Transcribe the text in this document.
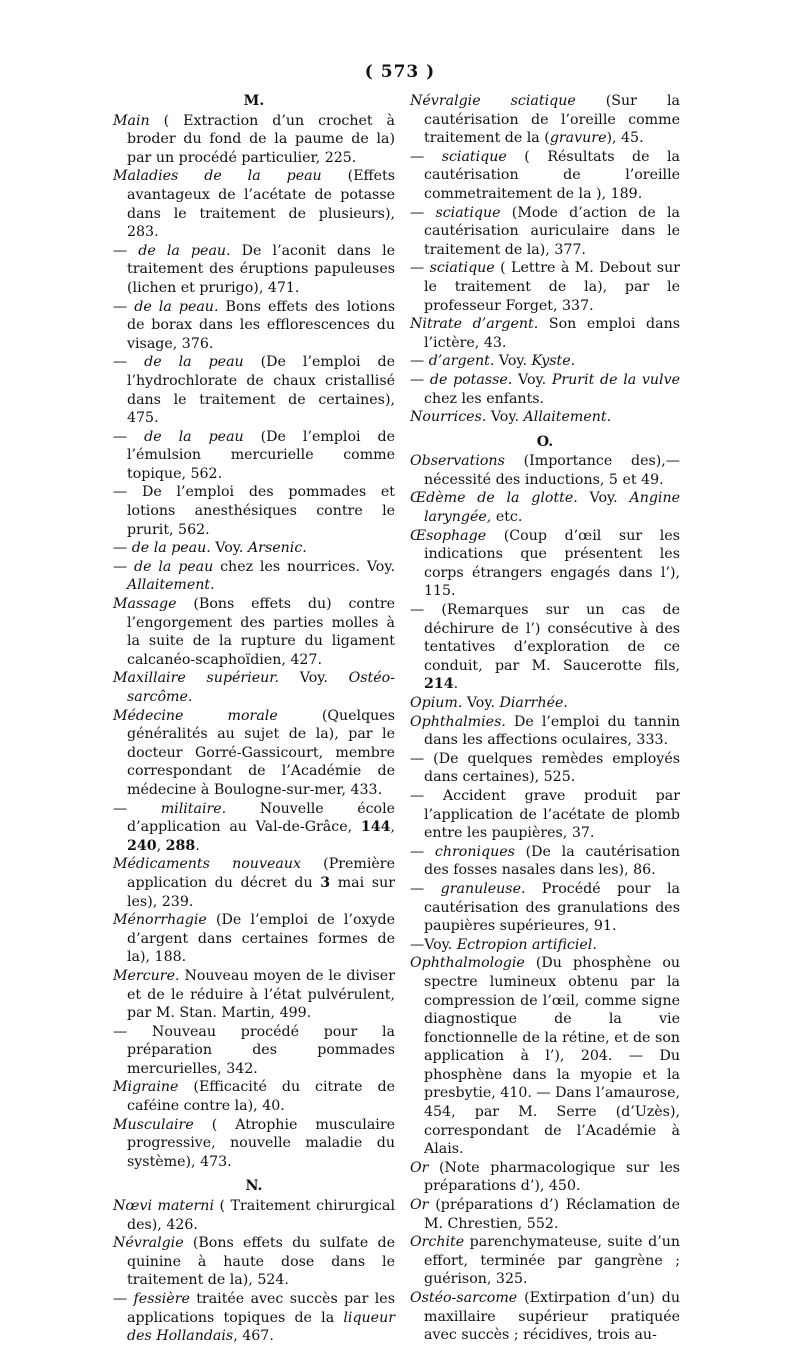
( 573 )
M.

Main ( Extraction d’un crochet à broder du fond de la paume de la) par un procédé particulier, 225.

Maladies de la peau (Effets avantageux de l’acétate de potasse dans le traitement de plusieurs), 283.

— de la peau. De l’aconit dans le traitement des éruptions papuleuses (lichen et prurigo), 471.

— de la peau. Bons effets des lotions de borax dans les efflorescences du visage, 376.

— de la peau (De l’emploi de l’hydrochlorate de chaux cristallisé dans le traitement de certaines), 475.

— de la peau (De l’emploi de l’émulsion mercurielle comme topique, 562.

— De l’emploi des pommades et lotions anesthésiques contre le prurit, 562.

— de la peau. Voy. Arsenic.

— de la peau chez les nourrices. Voy. Allaitement.

Massage (Bons effets du) contre l’engorgement des parties molles à la suite de la rupture du ligament calcanéo-scaphoïdien, 427.

Maxillaire supérieur. Voy. Ostéo-sarcôme.

Médecine morale (Quelques généralités au sujet de la), par le docteur Gorré-Gassicourt, membre correspondant de l’Académie de médecine à Boulogne-sur-mer, 433.

— militaire. Nouvelle école d’application au Val-de-Grâce, 144, 240, 288.

Médicaments nouveaux (Première application du décret du 3 mai sur les), 239.

Ménorrhagie (De l’emploi de l’oxyde d’argent dans certaines formes de la), 188.

Mercure. Nouveau moyen de le diviser et de le réduire à l’état pulvérulent, par M. Stan. Martin, 499.

— Nouveau procédé pour la préparation des pommades mercurielles, 342.

Migraine (Efficacité du citrate de caféine contre la), 40.

Musculaire ( Atrophie musculaire progressive, nouvelle maladie du système), 473.

N.

Nœvi materni ( Traitement chirurgical des), 426.

Névralgie (Bons effets du sulfate de quinine à haute dose dans le traitement de la), 524.

— fessière traitée avec succès par les applications topiques de la liqueur des Hollandais, 467.

Névralgie sciatique (Sur la cautérisation de l’oreille comme traitement de la (gravure), 45.

— sciatique ( Résultats de la cautérisation de l’oreille commetraitement de la ), 189.

— sciatique (Mode d’action de la cautérisation auriculaire dans le traitement de la), 377.

— sciatique ( Lettre à M. Debout sur le traitement de la), par le professeur Forget, 337.

Nitrate d’argent. Son emploi dans l’ictère, 43.

— d’argent. Voy. Kyste.

— de potasse. Voy. Prurit de la vulve chez les enfants.

Nourrices. Voy. Allaitement.

O.

Observations (Importance des),—nécessité des inductions, 5 et 49.

Œdème de la glotte. Voy. Angine laryngée, etc.

Œsophage (Coup d’œil sur les indications que présentent les corps étrangers engagés dans l’), 115.

— (Remarques sur un cas de déchirure de l’) consécutive à des tentatives d’exploration de ce conduit, par M. Saucerotte fils, 214.

Opium. Voy. Diarrhée.

Ophthalmies. De l’emploi du tannin dans les affections oculaires, 333.

— (De quelques remèdes employés dans certaines), 525.

— Accident grave produit par l’application de l’acétate de plomb entre les paupières, 37.

— chroniques (De la cautérisation des fosses nasales dans les), 86.

— granuleuse. Procédé pour la cautérisation des granulations des paupières supérieures, 91.

—Voy. Ectropion artificiel.

Ophthalmologie (Du phosphène ou spectre lumineux obtenu par la compression de l’œil, comme signe diagnostique de la vie fonctionnelle de la rétine, et de son application à l’), 204. — Du phosphène dans la myopie et la presbytie, 410. — Dans l’amaurose, 454, par M. Serre (d’Uzès), correspondant de l’Académie à Alais.

Or (Note pharmacologique sur les préparations d’), 450.

Or (préparations d’) Réclamation de M. Chrestien, 552.

Orchite parenchymateuse, suite d’un effort, terminée par gangrène ; guérison, 325.

Ostéo-sarcome (Extirpation d’un) du maxillaire supérieur pratiquée avec succès ; récidives, trois au-
